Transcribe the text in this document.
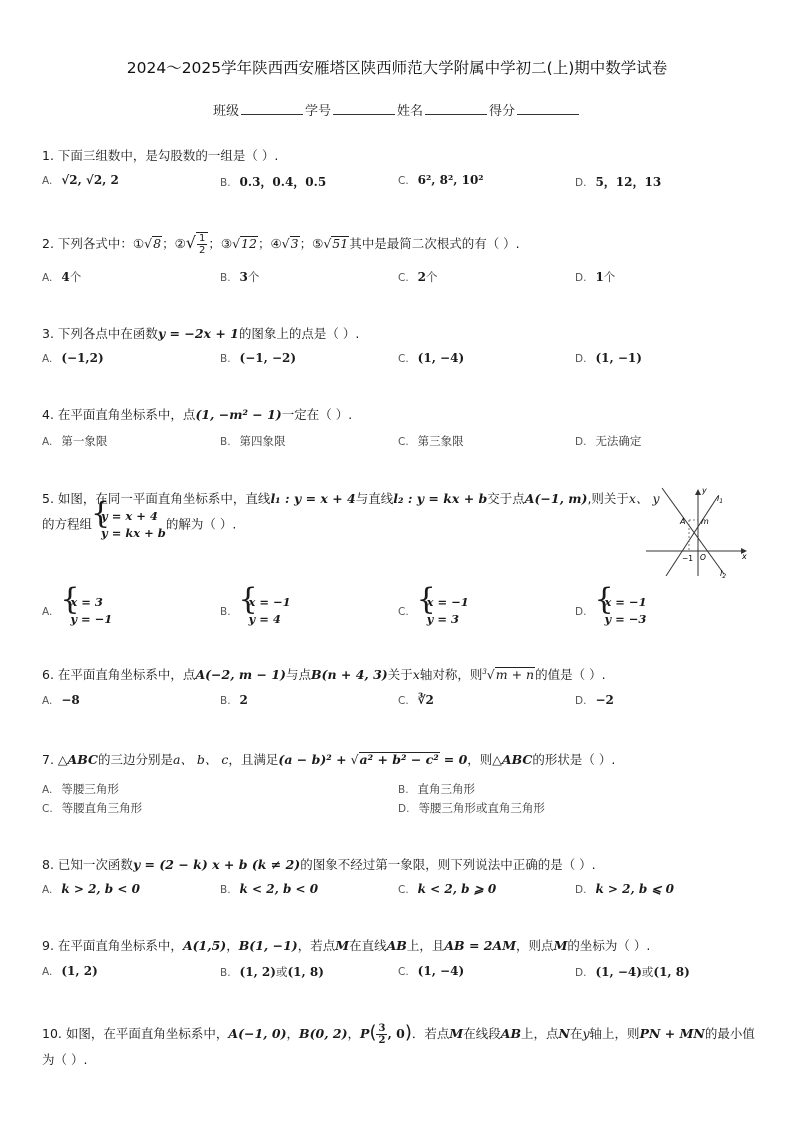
2024～2025学年陕西西安雁塔区陕西师范大学附属中学初二(上)期中数学试卷
班级	学号	姓名	得分
1. 下面三组数中，是勾股数的一组是（ ）.
A. √2, √2, 2	B. 0.3，0.4，0.5	C. 6², 8², 10²	D. 5，12，13
2. 下列各式中：①√8；②√ $\frac{1}{2}$ ；③√12；④√3；⑤√51其中是最简二次根式的有（ ）.
A. 4个	B. 3个	C. 2个	D. 1个
3. 下列各点中在函数y = −2x + 1的图象上的点是（ ）.
A. (−1,2)	B. (−1, −2)	C. (1, −4)	D. (1, −1)
4. 在平面直角坐标系中，点(1, −m² − 1)一定在（ ）.
A. 第一象限	B. 第四象限	C. 第三象限	D. 无法确定
5. 如图，在同一平面直角坐标系中，直线l₁ : y = x + 4与直线l₂ : y = kx + b交于点A(−1, m),则关于x、 y
的方程组
{ y = x + 4
y = kx + b
的解为（ ）.
y
x
$l_1$
$l_2$
A m
−1 O
A.
{ x = 3
y = −1
B.
{ x = −1
y = 4
C.
{ x = −1
y = 3
D.
{ x = −1
y = −3
6. 在平面直角坐标系中，点A(−2, m − 1)与点B(n + 4, 3)关于x轴对称，则$^3$√m + n的值是（ ）.
A. −8	B. 2	C. ∛2	D. −2
7. △ABC的三边分别是a、 b、 c，且满足(a − b)² + √a² + b² − c² = 0，则△ABC的形状是（ ）.
A. 等腰三角形	B. 直角三角形
C. 等腰直角三角形	D. 等腰三角形或直角三角形
8. 已知一次函数y = (2 − k) x + b (k ≠ 2)的图象不经过第一象限，则下列说法中正确的是（ ）.
A. k > 2, b < 0	B. k < 2, b < 0	C. k < 2, b ⩾ 0	D. k > 2, b ⩽ 0
9. 在平面直角坐标系中，A(1,5)，B(1, −1)，若点M在直线AB上，且AB = 2AM，则点M的坐标为（ ）.
A. (1, 2)	B. (1, 2)或(1, 8)	C. (1, −4)	D. (1, −4)或(1, 8)
10. 如图，在平面直角坐标系中，A(−1, 0)，B(0, 2)，$P( \frac{3}{2}$ , 0)．若点M在线段AB上，点N在y轴上，则PN + MN的最小值
为（ ）.
